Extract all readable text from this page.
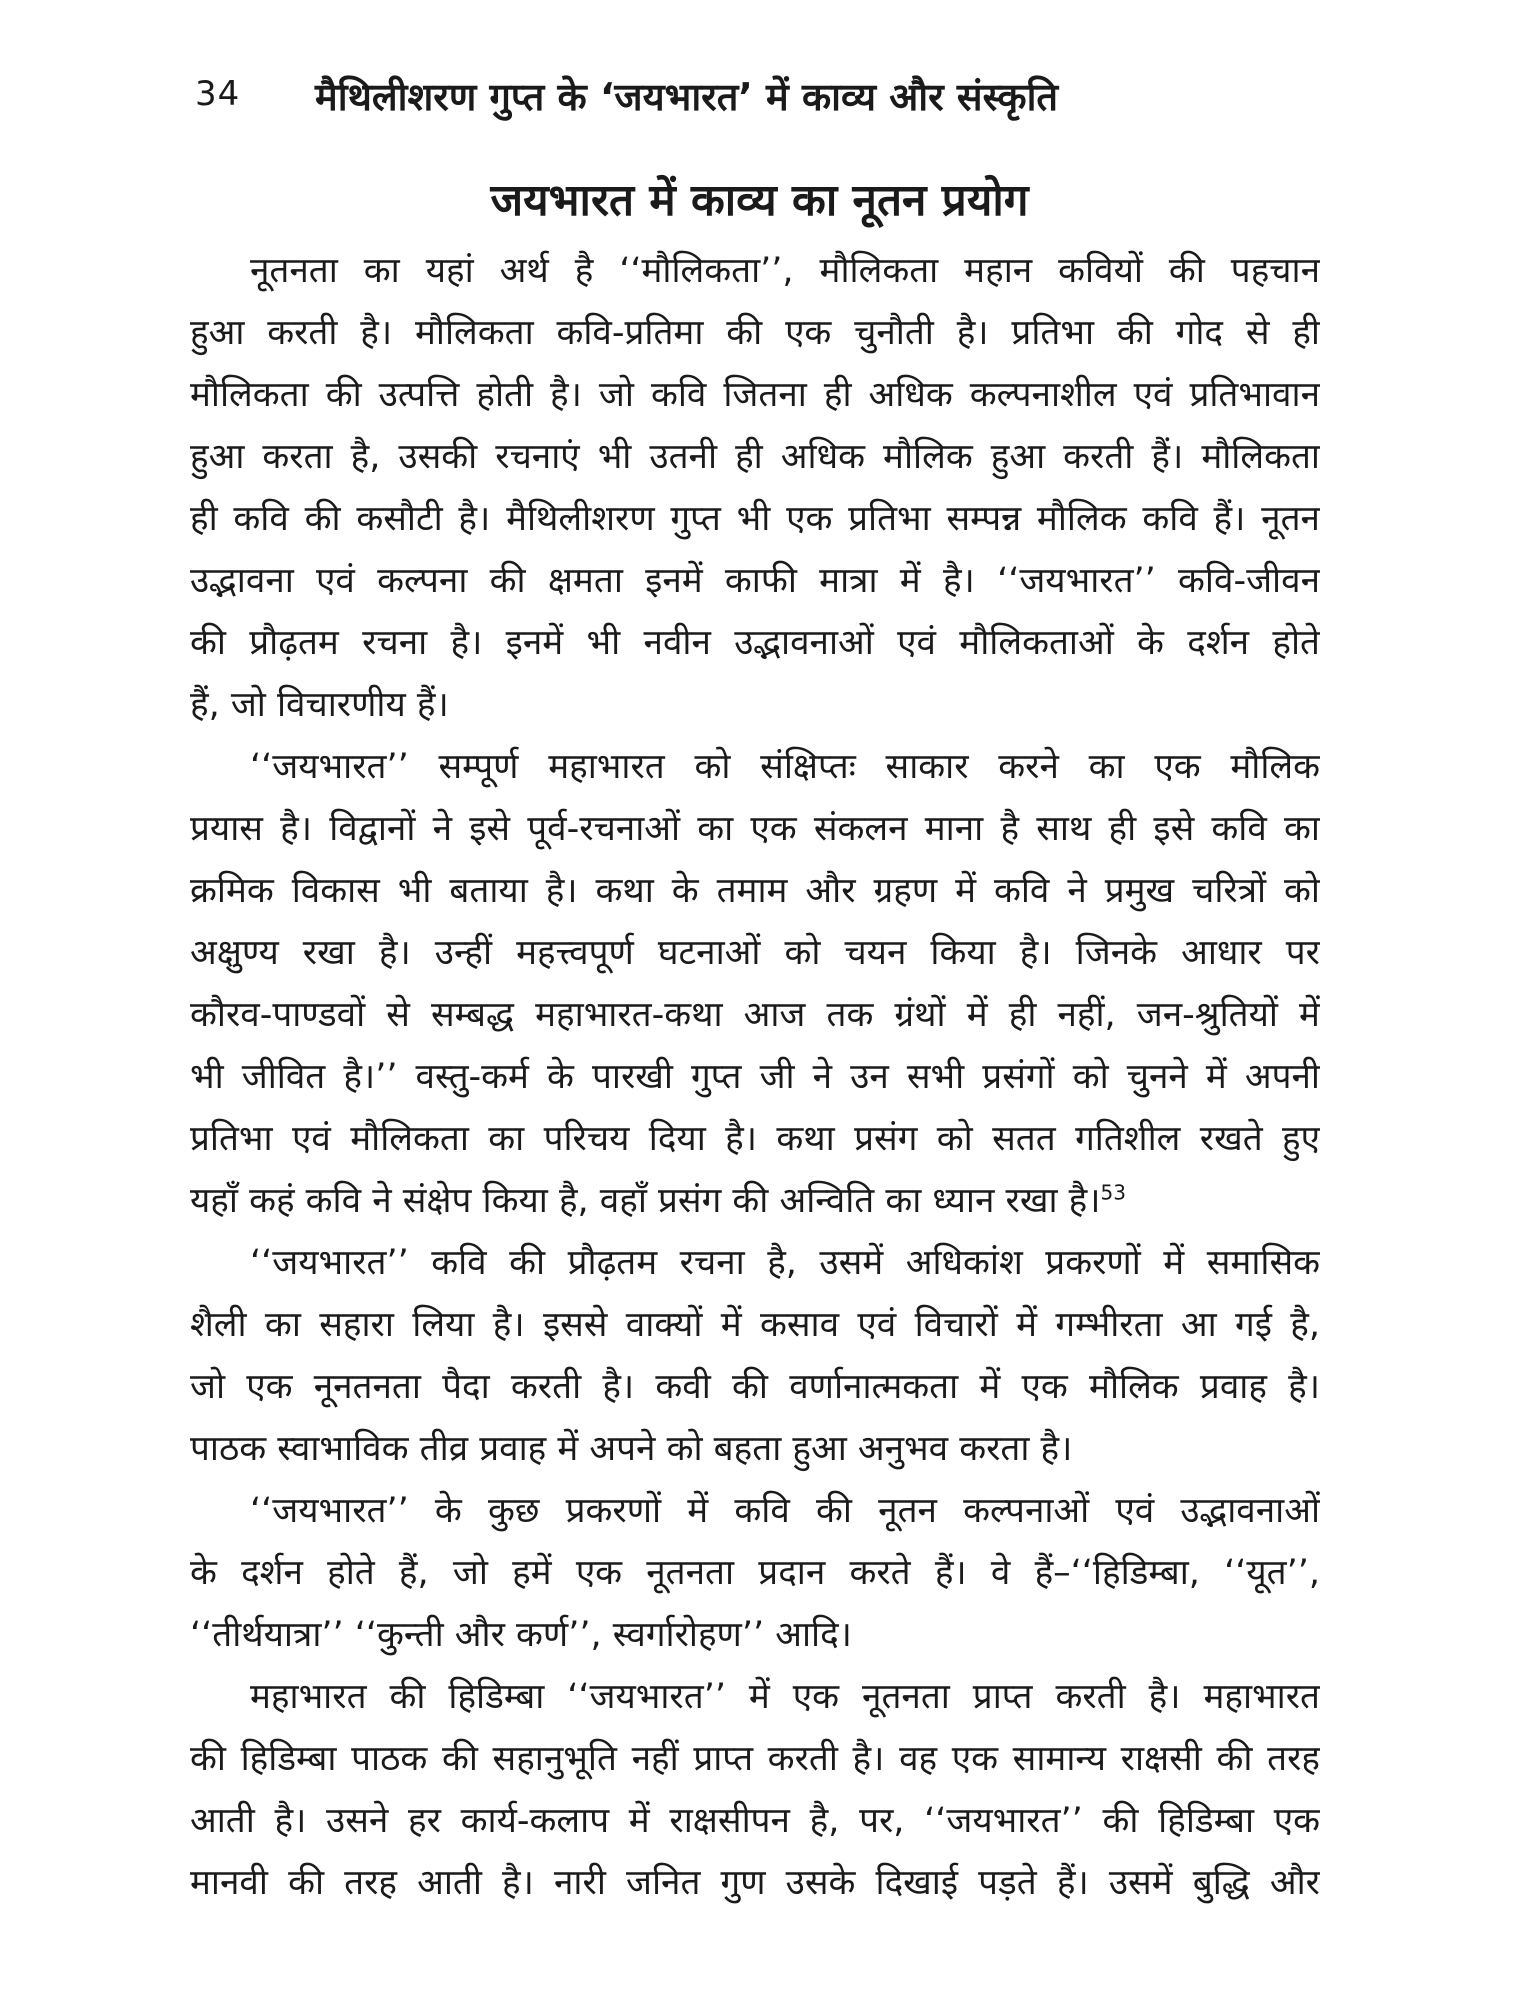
34 मैथिलीशरण गुप्त के ‘जयभारत’ में काव्य और संस्कृति
जयभारत में काव्य का नूतन प्रयोग
नूतनता का यहां अर्थ है ‘‘मौलिकता’’, मौलिकता महान कवियों की पहचान
हुआ करती है। मौलिकता कवि-प्रतिमा की एक चुनौती है। प्रतिभा की गोद से ही
मौलिकता की उत्पत्ति होती है। जो कवि जितना ही अधिक कल्पनाशील एवं प्रतिभावान
हुआ करता है, उसकी रचनाएं भी उतनी ही अधिक मौलिक हुआ करती हैं। मौलिकता
ही कवि की कसौटी है। मैथिलीशरण गुप्त भी एक प्रतिभा सम्पन्न मौलिक कवि हैं। नूतन
उद्भावना एवं कल्पना की क्षमता इनमें काफी मात्रा में है। ‘‘जयभारत’’ कवि-जीवन
की प्रौढ़तम रचना है। इनमें भी नवीन उद्भावनाओं एवं मौलिकताओं के दर्शन होते
हैं, जो विचारणीय हैं।
‘‘जयभारत’’ सम्पूर्ण महाभारत को संक्षिप्तः साकार करने का एक मौलिक
प्रयास है। विद्वानों ने इसे पूर्व-रचनाओं का एक संकलन माना है साथ ही इसे कवि का
क्रमिक विकास भी बताया है। कथा के तमाम और ग्रहण में कवि ने प्रमुख चरित्रों को
अक्षुण्य रखा है। उन्हीं महत्त्वपूर्ण घटनाओं को चयन किया है। जिनके आधार पर
कौरव-पाण्डवों से सम्बद्ध महाभारत-कथा आज तक ग्रंथों में ही नहीं, जन-श्रुतियों में
भी जीवित है।’’ वस्तु-कर्म के पारखी गुप्त जी ने उन सभी प्रसंगों को चुनने में अपनी
प्रतिभा एवं मौलिकता का परिचय दिया है। कथा प्रसंग को सतत गतिशील रखते हुए
यहाँ कहं कवि ने संक्षेप किया है, वहाँ प्रसंग की अन्विति का ध्यान रखा है।$^{53}$
‘‘जयभारत’’ कवि की प्रौढ़तम रचना है, उसमें अधिकांश प्रकरणों में समासिक
शैली का सहारा लिया है। इससे वाक्यों में कसाव एवं विचारों में गम्भीरता आ गई है,
जो एक नूनतनता पैदा करती है। कवी की वर्णानात्मकता में एक मौलिक प्रवाह है।
पाठक स्वाभाविक तीव्र प्रवाह में अपने को बहता हुआ अनुभव करता है।
‘‘जयभारत’’ के कुछ प्रकरणों में कवि की नूतन कल्पनाओं एवं उद्भावनाओं
के दर्शन होते हैं, जो हमें एक नूतनता प्रदान करते हैं। वे हैं–‘‘हिडिम्बा, ‘‘यूत’’,
‘‘तीर्थयात्रा’’ ‘‘कुन्ती और कर्ण’’, स्वर्गारोहण’’ आदि।
महाभारत की हिडिम्बा ‘‘जयभारत’’ में एक नूतनता प्राप्त करती है। महाभारत
की हिडिम्बा पाठक की सहानुभूति नहीं प्राप्त करती है। वह एक सामान्य राक्षसी की तरह
आती है। उसने हर कार्य-कलाप में राक्षसीपन है, पर, ‘‘जयभारत’’ की हिडिम्बा एक
मानवी की तरह आती है। नारी जनित गुण उसके दिखाई पड़ते हैं। उसमें बुद्धि और
